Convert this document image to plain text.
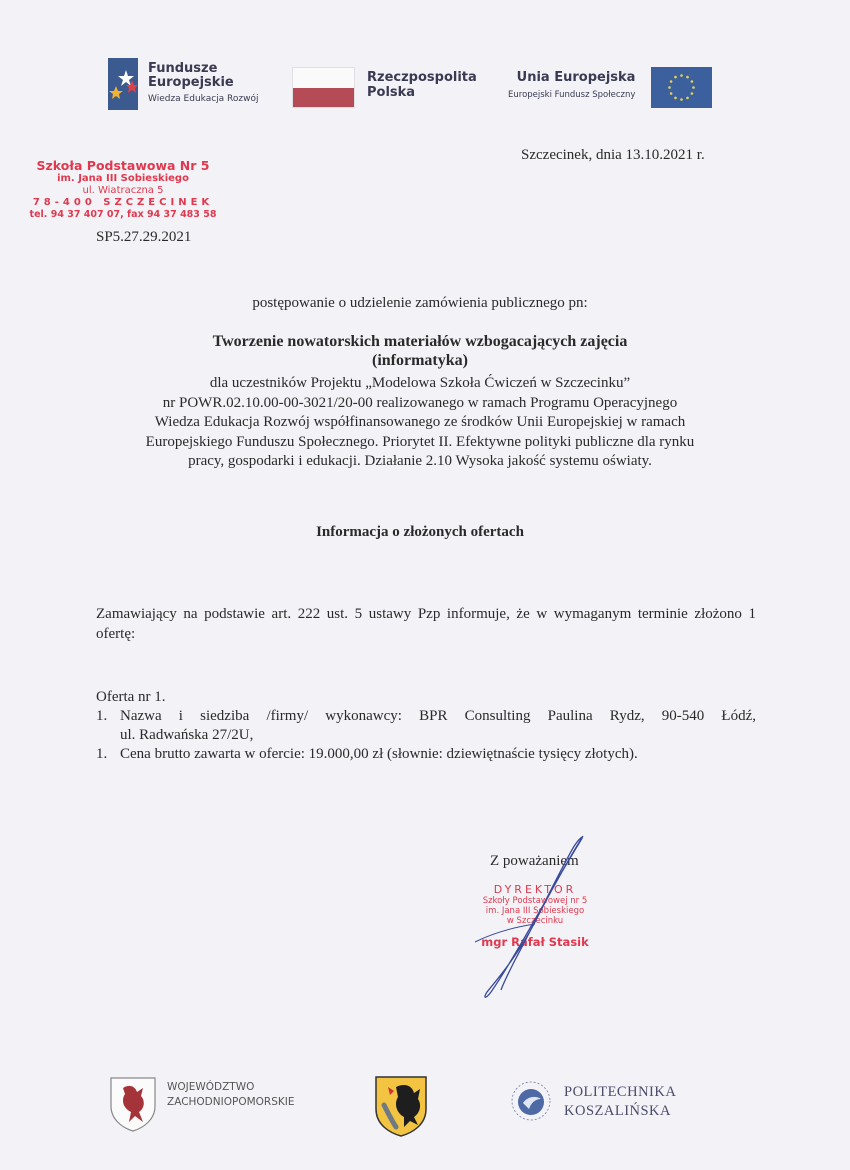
Fundusze
Europejskie
Wiedza Edukacja Rozwój
Rzeczpospolita
Polska
Unia Europejska
Europejski Fundusz Społeczny
Szkoła Podstawowa Nr 5
im. Jana III Sobieskiego
ul. Wiatraczna 5
78-400 SZCZECINEK
tel. 94 37 407 07, fax 94 37 483 58
SP5.27.29.2021
Szczecinek, dnia 13.10.2021 r.
postępowanie o udzielenie zamówienia publicznego pn:
Tworzenie nowatorskich materiałów wzbogacających zajęcia
(informatyka)
dla uczestników Projektu „Modelowa Szkoła Ćwiczeń w Szczecinku”
nr POWR.02.10.00-00-3021/20-00 realizowanego w ramach Programu Operacyjnego
Wiedza Edukacja Rozwój współfinansowanego ze środków Unii Europejskiej w ramach
Europejskiego Funduszu Społecznego. Priorytet II. Efektywne polityki publiczne dla rynku
pracy, gospodarki i edukacji. Działanie 2.10 Wysoka jakość systemu oświaty.
Informacja o złożonych ofertach
Zamawiający na podstawie art. 222 ust. 5 ustawy Pzp informuje, że w wymaganym terminie złożono 1 ofertę:
Oferta nr 1.
1. Nazwa i siedziba /firmy/ wykonawcy: BPR Consulting Paulina Rydz, 90-540 Łódź,
ul. Radwańska 27/2U,
1. Cena brutto zawarta w ofercie: 19.000,00 zł (słownie: dziewiętnaście tysięcy złotych).
Z poważaniem
DYREKTOR
Szkoły Podstawowej nr 5
im. Jana III Sobieskiego
w Szczecinku
mgr Rafał Stasik
WOJEWÓDZTWO
ZACHODNIOPOMORSKIE
POLITECHNIKA
KOSZALIŃSKA
